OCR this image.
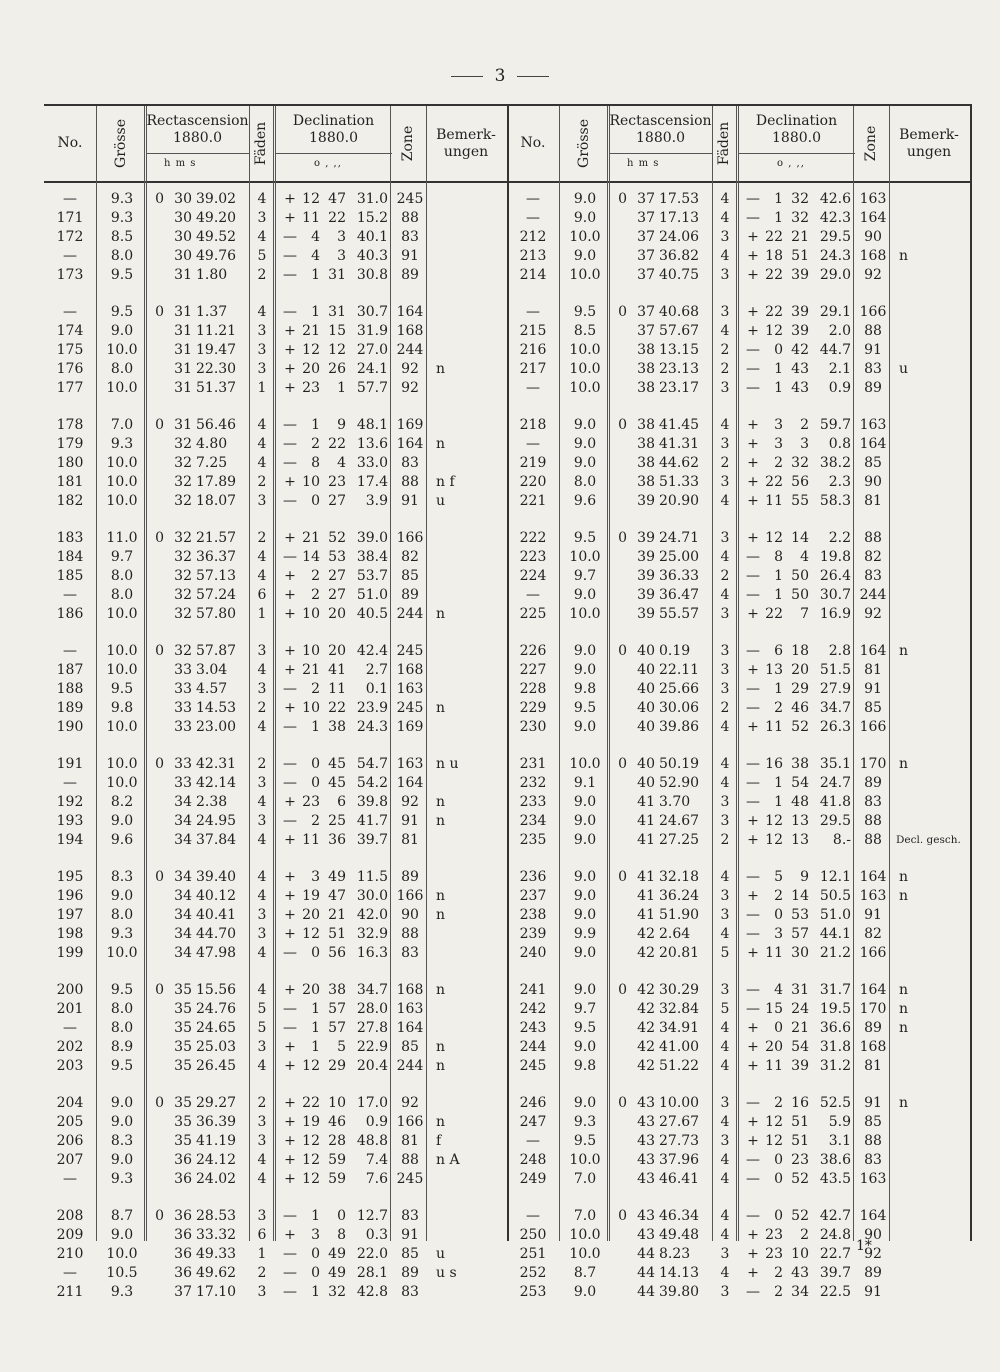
3
No. Grösse Rectascension
1880.0
h m s	Fäden
Declination
1880.0
o , ,,
Zone Bemerk-
ungen
—	9.3	0 30 39.02	4	+ 12 47 31.0 245
171	9.3	30 49.20	3	+ 11 22 15.2 88
172	8.5	30 49.52	4	—	4	3 40.1 83
—	8.0	30 49.76	5	—	4	3 40.3 91
173	9.5	31 1.80	2	—	1 31 30.8 89
—	9.5	0 31 1.37	4	—	1 31 30.7 164
174	9.0	31 11.21	3	+ 21 15 31.9 168
175	10.0	31 19.47	3	+ 12 12 27.0 244
176	8.0	31 22.30	3	+ 20 26 24.1 92	n
177	10.0	31 51.37	1	+ 23	1 57.7 92
178	7.0	0 31 56.46	4	—	1	9 48.1 169
179	9.3	32 4.80	4	—	2 22 13.6 164 n
180	10.0	32 7.25	4	—	8	4 33.0 83
181	10.0	32 17.89	2	+ 10 23 17.4 88	n f
182	10.0	32 18.07	3	—	0 27	3.9 91	u
183	11.0	0 32 21.57	2	+ 21 52 39.0 166
184	9.7	32 36.37	4	— 14 53 38.4 82
185	8.0	32 57.13	4	+	2 27 53.7 85
—	8.0	32 57.24	6	+	2 27 51.0 89
186	10.0	32 57.80	1	+ 10 20 40.5 244 n
—	10.0	0 32 57.87	3	+ 10 20 42.4 245
187	10.0	33 3.04	4	+ 21 41	2.7 168
188	9.5	33 4.57	3	—	2 11	0.1 163
189	9.8	33 14.53	2	+ 10 22 23.9 245 n
190	10.0	33 23.00	4	—	1 38 24.3 169
191	10.0	0 33 42.31	2	—	0 45 54.7 163 n u
—	10.0	33 42.14	3	—	0 45 54.2 164
192	8.2	34 2.38	4	+ 23	6 39.8 92	n
193	9.0	34 24.95	3	—	2 25 41.7 91	n
194	9.6	34 37.84	4	+ 11 36 39.7 81
195	8.3	0 34 39.40	4	+	3 49 11.5 89
196	9.0	34 40.12	4	+ 19 47 30.0 166 n
197	8.0	34 40.41	3	+ 20 21 42.0 90	n
198	9.3	34 44.70	3	+ 12 51 32.9 88
199	10.0	34 47.98	4	—	0 56 16.3 83
200	9.5	0 35 15.56	4	+ 20 38 34.7 168 n
201	8.0	35 24.76	5	—	1 57 28.0 163
—	8.0	35 24.65	5	—	1 57 27.8 164
202	8.9	35 25.03	3	+	1	5 22.9 85	n
203	9.5	35 26.45	4	+ 12 29 20.4 244 n
204	9.0	0 35 29.27	2	+ 22 10 17.0 92
205	9.0	35 36.39	3	+ 19 46	0.9 166 n
206	8.3	35 41.19	3	+ 12 28 48.8 81	f
207	9.0	36 24.12	4	+ 12 59	7.4 88	n A
—	9.3	36 24.02	4	+ 12 59	7.6 245
208	8.7	0 36 28.53	3	—	1	0 12.7 83
209	9.0	36 33.32	6	+	3	8	0.3 91
210	10.0	36 49.33	1	—	0 49 22.0 85	u
—	10.5	36 49.62	2	—	0 49 28.1 89	u s
211	9.3	37 17.10	3	—	1 32 42.8 83
No. Grösse Rectascension
1880.0
h m s	Fäden
Declination
1880.0
o , ,,
Zone Bemerk-
ungen
—	9.0	0 37 17.53	4	—	1 32 42.6 163
—	9.0	37 17.13	4	—	1 32 42.3 164
212	10.0	37 24.06	3	+ 22 21 29.5 90
213	9.0	37 36.82	4	+ 18 51 24.3 168 n
214	10.0	37 40.75	3	+ 22 39 29.0 92
—	9.5	0 37 40.68	3	+ 22 39 29.1 166
215	8.5	37 57.67	4	+ 12 39	2.0 88
216	10.0	38 13.15	2	—	0 42 44.7 91
217	10.0	38 23.13	2	—	1 43	2.1 83	u
—	10.0	38 23.17	3	—	1 43	0.9 89
218	9.0	0 38 41.45	4	+	3	2 59.7 163
—	9.0	38 41.31	3	+	3	3	0.8 164
219	9.0	38 44.62	2	+	2 32 38.2 85
220	8.0	38 51.33	3	+ 22 56	2.3 90
221	9.6	39 20.90	4	+ 11 55 58.3 81
222	9.5	0 39 24.71	3	+ 12 14	2.2 88
223	10.0	39 25.00	4	—	8	4 19.8 82
224	9.7	39 36.33	2	—	1 50 26.4 83
—	9.0	39 36.47	4	—	1 50 30.7 244
225	10.0	39 55.57	3	+ 22	7 16.9 92
226	9.0	0 40 0.19	3	—	6 18	2.8 164 n
227	9.0	40 22.11	3	+ 13 20 51.5 81
228	9.8	40 25.66	3	—	1 29 27.9 91
229	9.5	40 30.06	2	—	2 46 34.7 85
230	9.0	40 39.86	4	+ 11 52 26.3 166
231	10.0	0 40 50.19	4	— 16 38 35.1 170 n
232	9.1	40 52.90	4	—	1 54 24.7 89
233	9.0	41 3.70	3	—	1 48 41.8 83
234	9.0	41 24.67	3	+ 12 13 29.5 88
235	9.0	41 27.25	2	+ 12 13	8.- 88	Decl. gesch.
236	9.0	0 41 32.18	4	—	5	9 12.1 164 n
237	9.0	41 36.24	3	+	2 14 50.5 163 n
238	9.0	41 51.90	3	—	0 53 51.0 91
239	9.9	42 2.64	4	—	3 57 44.1 82
240	9.0	42 20.81	5	+ 11 30 21.2 166
241	9.0	0 42 30.29	3	—	4 31 31.7 164 n
242	9.7	42 32.84	5	— 15 24 19.5 170 n
243	9.5	42 34.91	4	+	0 21 36.6 89	n
244	9.0	42 41.00	4	+ 20 54 31.8 168
245	9.8	42 51.22	4	+ 11 39 31.2 81
246	9.0	0 43 10.00	3	—	2 16 52.5 91	n
247	9.3	43 27.67	4	+ 12 51	5.9 85
—	9.5	43 27.73	3	+ 12 51	3.1 88
248	10.0	43 37.96	4	—	0 23 38.6 83
249	7.0	43 46.41	4	—	0 52 43.5 163
—	7.0	0 43 46.34	4	—	0 52 42.7 164
250	10.0	43 49.48	4	+ 23	2 24.8 90
251	10.0	44 8.23	3	+ 23 10 22.7 92
252	8.7	44 14.13	4	+	2 43 39.7 89
253	9.0	44 39.80	3	—	2 34 22.5 91
1*
